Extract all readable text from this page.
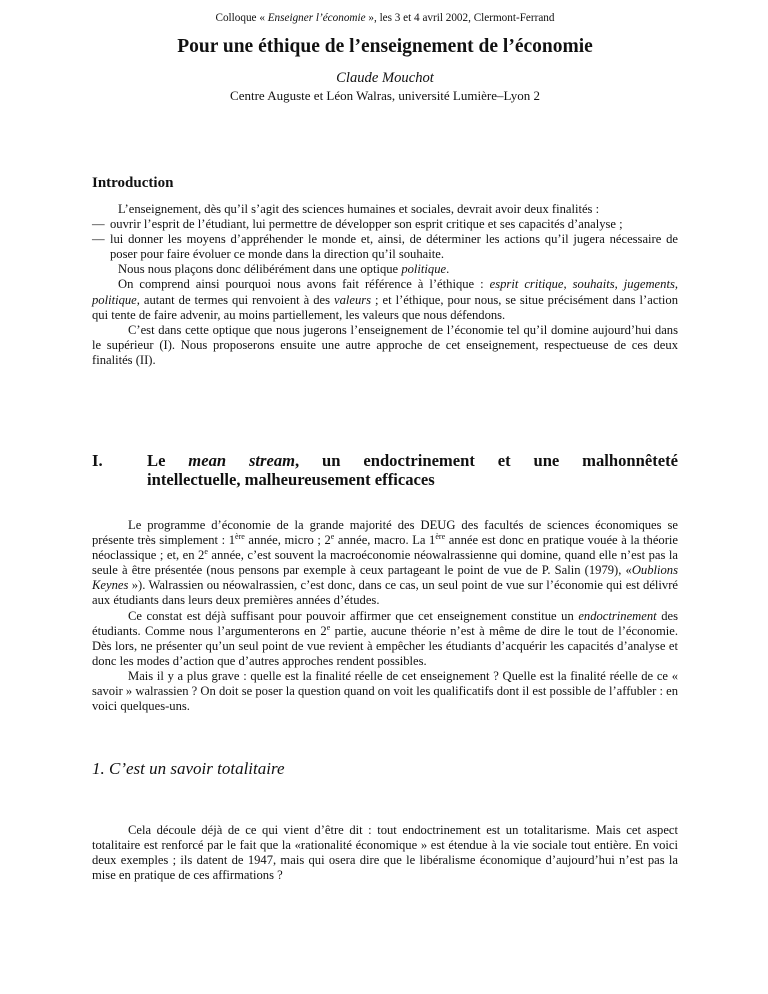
Colloque « Enseigner l’économie », les 3 et 4 avril 2002, Clermont-Ferrand
Pour une éthique de l’enseignement de l’économie
Claude Mouchot
Centre Auguste et Léon Walras, université Lumière–Lyon 2
Introduction

L’enseignement, dès qu’il s’agit des sciences humaines et sociales, devrait avoir deux finalités :

— ouvrir l’esprit de l’étudiant, lui permettre de développer son esprit critique et ses capacités d’analyse ;

— lui donner les moyens d’appréhender le monde et, ainsi, de déterminer les actions qu’il jugera nécessaire de poser pour faire évoluer ce monde dans la direction qu’il souhaite.

Nous nous plaçons donc délibérément dans une optique politique.

On comprend ainsi pourquoi nous avons fait référence à l’éthique : esprit critique, souhaits, jugements, politique, autant de termes qui renvoient à des valeurs ; et l’éthique, pour nous, se situe précisément dans l’action qui tente de faire advenir, au moins partiellement, les valeurs que nous défendons.

C’est dans cette optique que nous jugerons l’enseignement de l’économie tel qu’il domine aujourd’hui dans le supérieur (I). Nous proposerons ensuite une autre approche de cet enseignement, respectueuse de ces deux finalités (II).

I.	Le mean stream, un endoctrinement et une malhonnêteté
intellectuelle, malheureusement efficaces

Le programme d’économie de la grande majorité des DEUG des facultés de sciences économiques se présente très simplement : 1ère année, micro ; 2e année, macro. La 1ère année est donc en pratique vouée à la théorie néoclassique ; et, en 2e année, c’est souvent la macroéconomie néowalrassienne qui domine, quand elle n’est pas la seule à être présentée (nous pensons par exemple à ceux partageant le point de vue de P. Salin (1979), «Oublions Keynes »). Walrassien ou néowalrassien, c’est donc, dans ce cas, un seul point de vue sur l’économie qui est délivré aux étudiants dans leurs deux premières années d’études.

Ce constat est déjà suffisant pour pouvoir affirmer que cet enseignement constitue un endoctrinement des étudiants. Comme nous l’argumenterons en 2e partie, aucune théorie n’est à même de dire le tout de l’économie. Dès lors, ne présenter qu’un seul point de vue revient à empêcher les étudiants d’acquérir les capacités d’analyse et donc les modes d’action que d’autres approches rendent possibles.

Mais il y a plus grave : quelle est la finalité réelle de cet enseignement ? Quelle est la finalité réelle de ce « savoir » walrassien ? On doit se poser la question quand on voit les qualificatifs dont il est possible de l’affubler : en voici quelques-uns.

1. C’est un savoir totalitaire

Cela découle déjà de ce qui vient d’être dit : tout endoctrinement est un totalitarisme. Mais cet aspect totalitaire est renforcé par le fait que la «rationalité économique » est étendue à la vie sociale tout entière. En voici deux exemples ; ils datent de 1947, mais qui osera dire que le libéralisme économique d’aujourd’hui n’est pas la mise en pratique de ces affirmations ?
